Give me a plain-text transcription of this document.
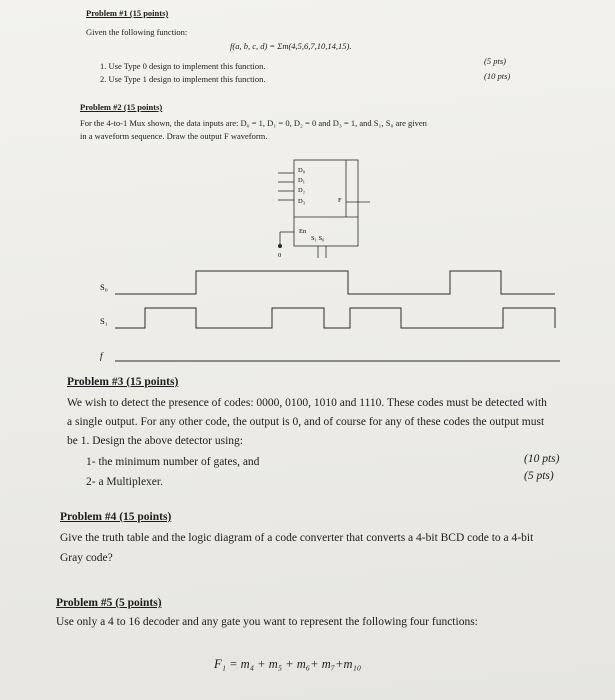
Problem #1 (15 points)
Given the following function:
f(a, b, c, d) = Σm(4,5,6,7,10,14,15).
1. Use Type 0 design to implement this function.	(5 pts)
2. Use Type 1 design to implement this function.	(10 pts)
Problem #2 (15 points)
For the 4-to-1 Mux shown, the data inputs are: D₀ = 1, D₁ = 0, D₂ = 0 and D₃ = 1, and S₁, S₀ are given
in a waveform sequence. Draw the output F waveform.
D₀
D₁
D₂
D₃	F
En
S₁ S₀
0
S₀
S₁
f
Problem #3 (15 points)
We wish to detect the presence of codes: 0000, 0100, 1010 and 1110. These codes must be detected with
a single output. For any other code, the output is 0, and of course for any of these codes the output must
be 1. Design the above detector using:
1- the minimum number of gates, and	(10 pts)
2- a Multiplexer.	(5 pts)
Problem #4 (15 points)
Give the truth table and the logic diagram of a code converter that converts a 4-bit BCD code to a 4-bit
Gray code?
Problem #5 (5 points)
Use only a 4 to 16 decoder and any gate you want to represent the following four functions:
F₁ = m₄ + m₅ + m₆+ m₇+m₁₀
